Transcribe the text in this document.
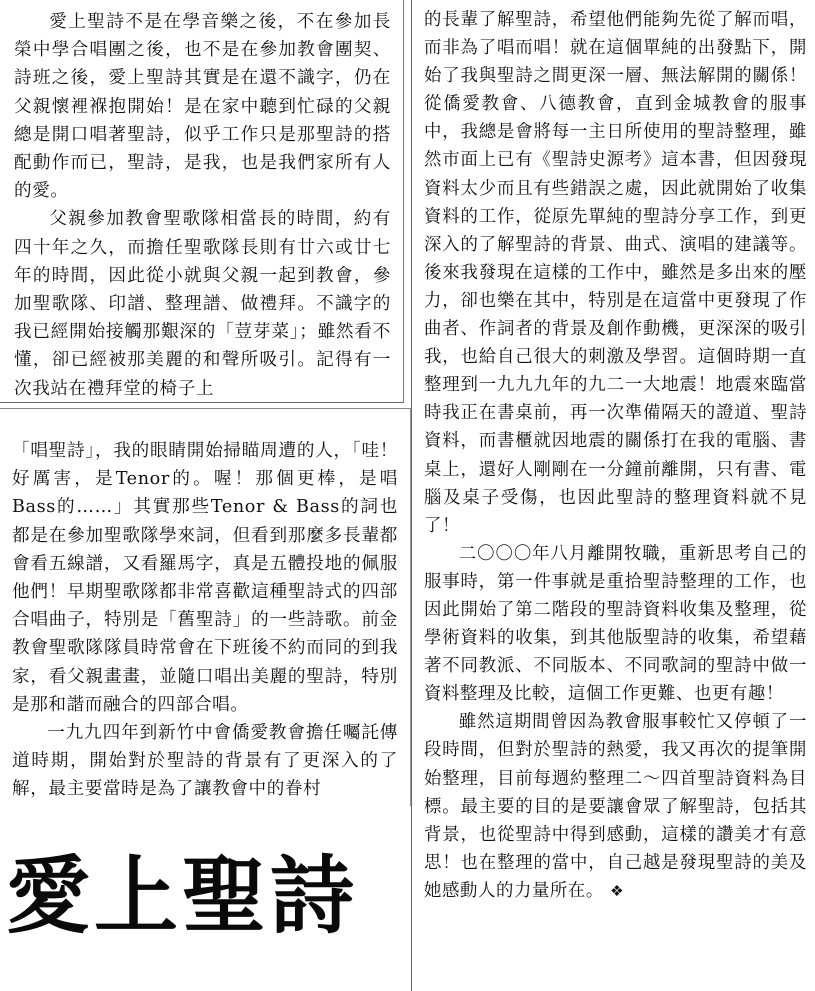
愛上聖詩不是在學音樂之後，不在參加長榮中學合唱團之後，也不是在參加教會團契、詩班之後，愛上聖詩其實是在還不識字，仍在父親懷裡褓抱開始！是在家中聽到忙碌的父親總是開口唱著聖詩，似乎工作只是那聖詩的搭配動作而已，聖詩，是我，也是我們家所有人的愛。

父親參加教會聖歌隊相當長的時間，約有四十年之久，而擔任聖歌隊長則有廿六或廿七年的時間，因此從小就與父親一起到教會，參加聖歌隊、印譜、整理譜、做禮拜。不識字的我已經開始接觸那艱深的「荳芽菜」；雖然看不懂，卻已經被那美麗的和聲所吸引。記得有一次我站在禮拜堂的椅子上

「唱聖詩」，我的眼睛開始掃瞄周遭的人，「哇！好厲害，是Tenor的。喔！那個更棒，是唱Bass的……」其實那些Tenor & Bass的詞也都是在參加聖歌隊學來詞，但看到那麼多長輩都會看五線譜，又看羅馬字，真是五體投地的佩服他們！早期聖歌隊都非常喜歡這種聖詩式的四部合唱曲子，特別是「舊聖詩」的一些詩歌。前金教會聖歌隊隊員時常會在下班後不約而同的到我家，看父親畫畫，並隨口唱出美麗的聖詩，特別是那和諧而融合的四部合唱。

一九九四年到新竹中會僑愛教會擔任囑託傳道時期，開始對於聖詩的背景有了更深入的了解，最主要當時是為了讓教會中的眷村

的長輩了解聖詩，希望他們能夠先從了解而唱，而非為了唱而唱！就在這個單純的出發點下，開始了我與聖詩之間更深一層、無法解開的關係！從僑愛教會、八德教會，直到金城教會的服事中，我總是會將每一主日所使用的聖詩整理，雖然市面上已有《聖詩史源考》這本書，但因發現資料太少而且有些錯誤之處，因此就開始了收集資料的工作，從原先單純的聖詩分享工作，到更深入的了解聖詩的背景、曲式、演唱的建議等。後來我發現在這樣的工作中，雖然是多出來的壓力，卻也樂在其中，特別是在這當中更發現了作曲者、作詞者的背景及創作動機，更深深的吸引我，也給自己很大的刺激及學習。這個時期一直整理到一九九九年的九二一大地震！地震來臨當時我正在書桌前，再一次準備隔天的證道、聖詩資料，而書櫃就因地震的關係打在我的電腦、書桌上，還好人剛剛在一分鐘前離開，只有書、電腦及桌子受傷，也因此聖詩的整理資料就不見了！

二〇〇〇年八月離開牧職，重新思考自己的服事時，第一件事就是重拾聖詩整理的工作，也因此開始了第二階段的聖詩資料收集及整理，從學術資料的收集，到其他版聖詩的收集，希望藉著不同教派、不同版本、不同歌詞的聖詩中做一資料整理及比較，這個工作更難、也更有趣！

雖然這期間曾因為教會服事較忙又停頓了一段時間，但對於聖詩的熱愛，我又再次的提筆開始整理，目前每週約整理二～四首聖詩資料為目標。最主要的目的是要讓會眾了解聖詩，包括其背景，也從聖詩中得到感動，這樣的讚美才有意思！也在整理的當中，自己越是發現聖詩的美及她感動人的力量所在。 ❖

愛上聖詩
